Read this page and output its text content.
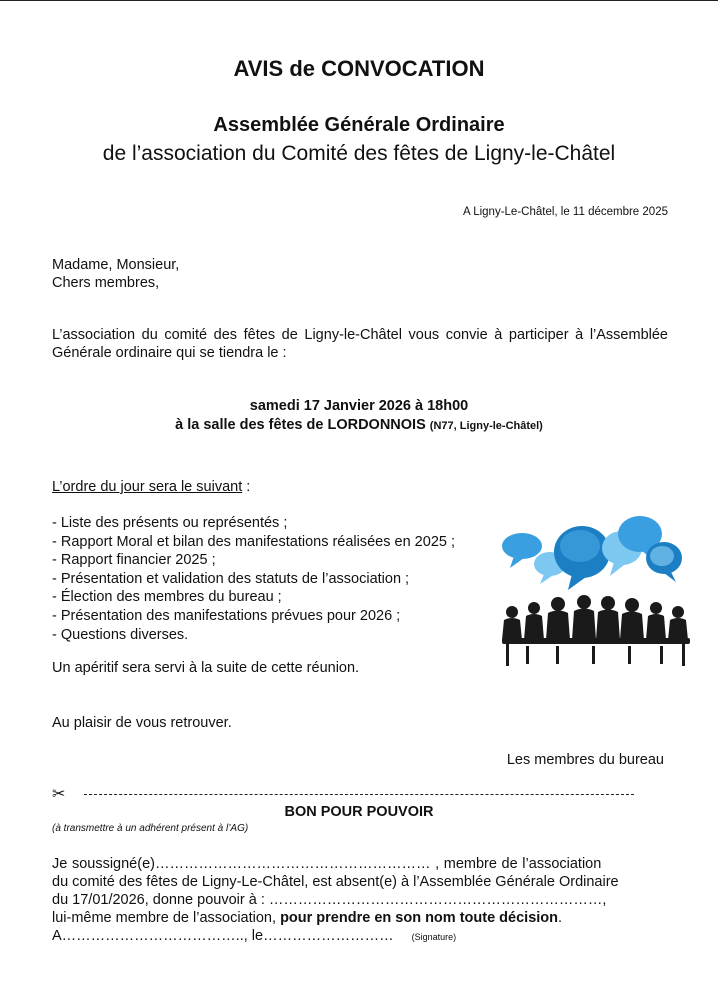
AVIS de CONVOCATION
Assemblée Générale Ordinaire
de l’association du Comité des fêtes de Ligny-le-Châtel
A Ligny-Le-Châtel, le 11 décembre 2025
Madame, Monsieur,
Chers membres,
L’association du comité des fêtes de Ligny-le-Châtel vous convie à participer à l’Assemblée Générale ordinaire qui se tiendra le :
samedi 17 Janvier 2026 à 18h00
à la salle des fêtes de LORDONNOIS (N77, Ligny-le-Châtel)
L’ordre du jour sera le suivant :
- Liste des présents ou représentés ;
- Rapport Moral et bilan des manifestations réalisées en 2025 ;
- Rapport financier 2025 ;
- Présentation et validation des statuts de l’association ;
- Élection des membres du bureau ;
- Présentation des manifestations prévues pour 2026 ;
- Questions diverses.
Un apéritif sera servi à la suite de cette réunion.
Au plaisir de vous retrouver.
Les membres du bureau
✂
BON POUR POUVOIR
(à transmettre à un adhérent présent à l’AG)
Je soussigné(e)………………………………………………… , membre de l’association
du comité des fêtes de Ligny-Le-Châtel, est absent(e) à l’Assemblée Générale Ordinaire
du 17/01/2026, donne pouvoir à : ……………………………………………………………,
lui-même membre de l’association, pour prendre en son nom toute décision.
A……………………………….., le……………………… (Signature)
